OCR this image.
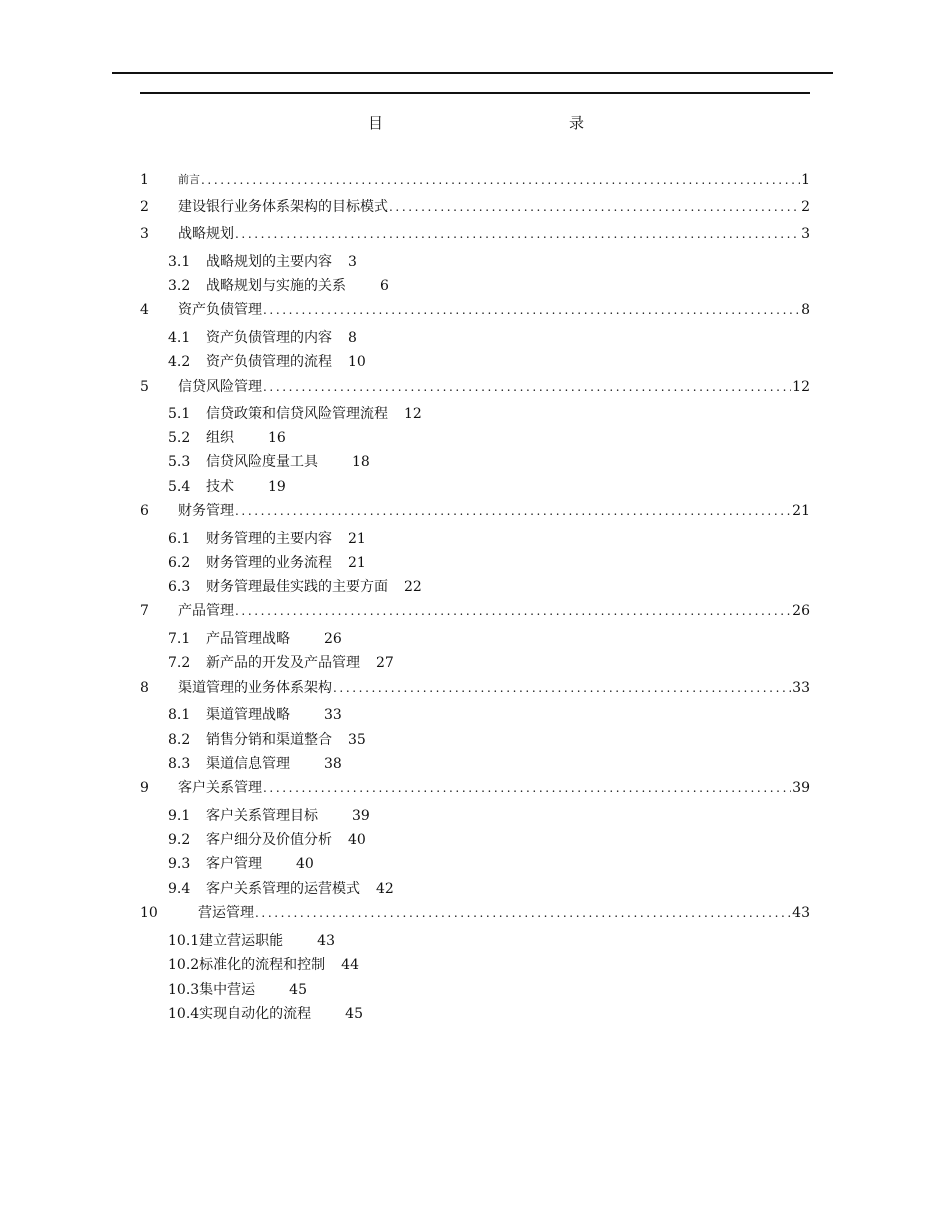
目	录
1	前言 .....	1
2	建设银行业务体系架构的目标模式 .....	2
3	战略规划 .....	3
3.1	战略规划的主要内容 3
3.2	战略规划与实施的关系 6
4	资产负债管理 .....	8
4.1	资产负债管理的内容 8
4.2	资产负债管理的流程 10
5	信贷风险管理 .....	12
5.1	信贷政策和信贷风险管理流程 12
5.2	组织 16
5.3	信贷风险度量工具 18
5.4	技术 19
6	财务管理 .....	21
6.1	财务管理的主要内容 21
6.2	财务管理的业务流程 21
6.3	财务管理最佳实践的主要方面 22
7	产品管理 .....	26
7.1	产品管理战略 26
7.2	新产品的开发及产品管理 27
8	渠道管理的业务体系架构 .....	33
8.1	渠道管理战略 33
8.2	销售分销和渠道整合 35
8.3	渠道信息管理 38
9	客户关系管理 .....	39
9.1	客户关系管理目标 39
9.2	客户细分及价值分析 40
9.3	客户管理 40
9.4	客户关系管理的运营模式 42
10	营运管理 .....	43
10.1 建立营运职能 43
10.2 标准化的流程和控制 44
10.3 集中营运 45
10.4 实现自动化的流程 45
